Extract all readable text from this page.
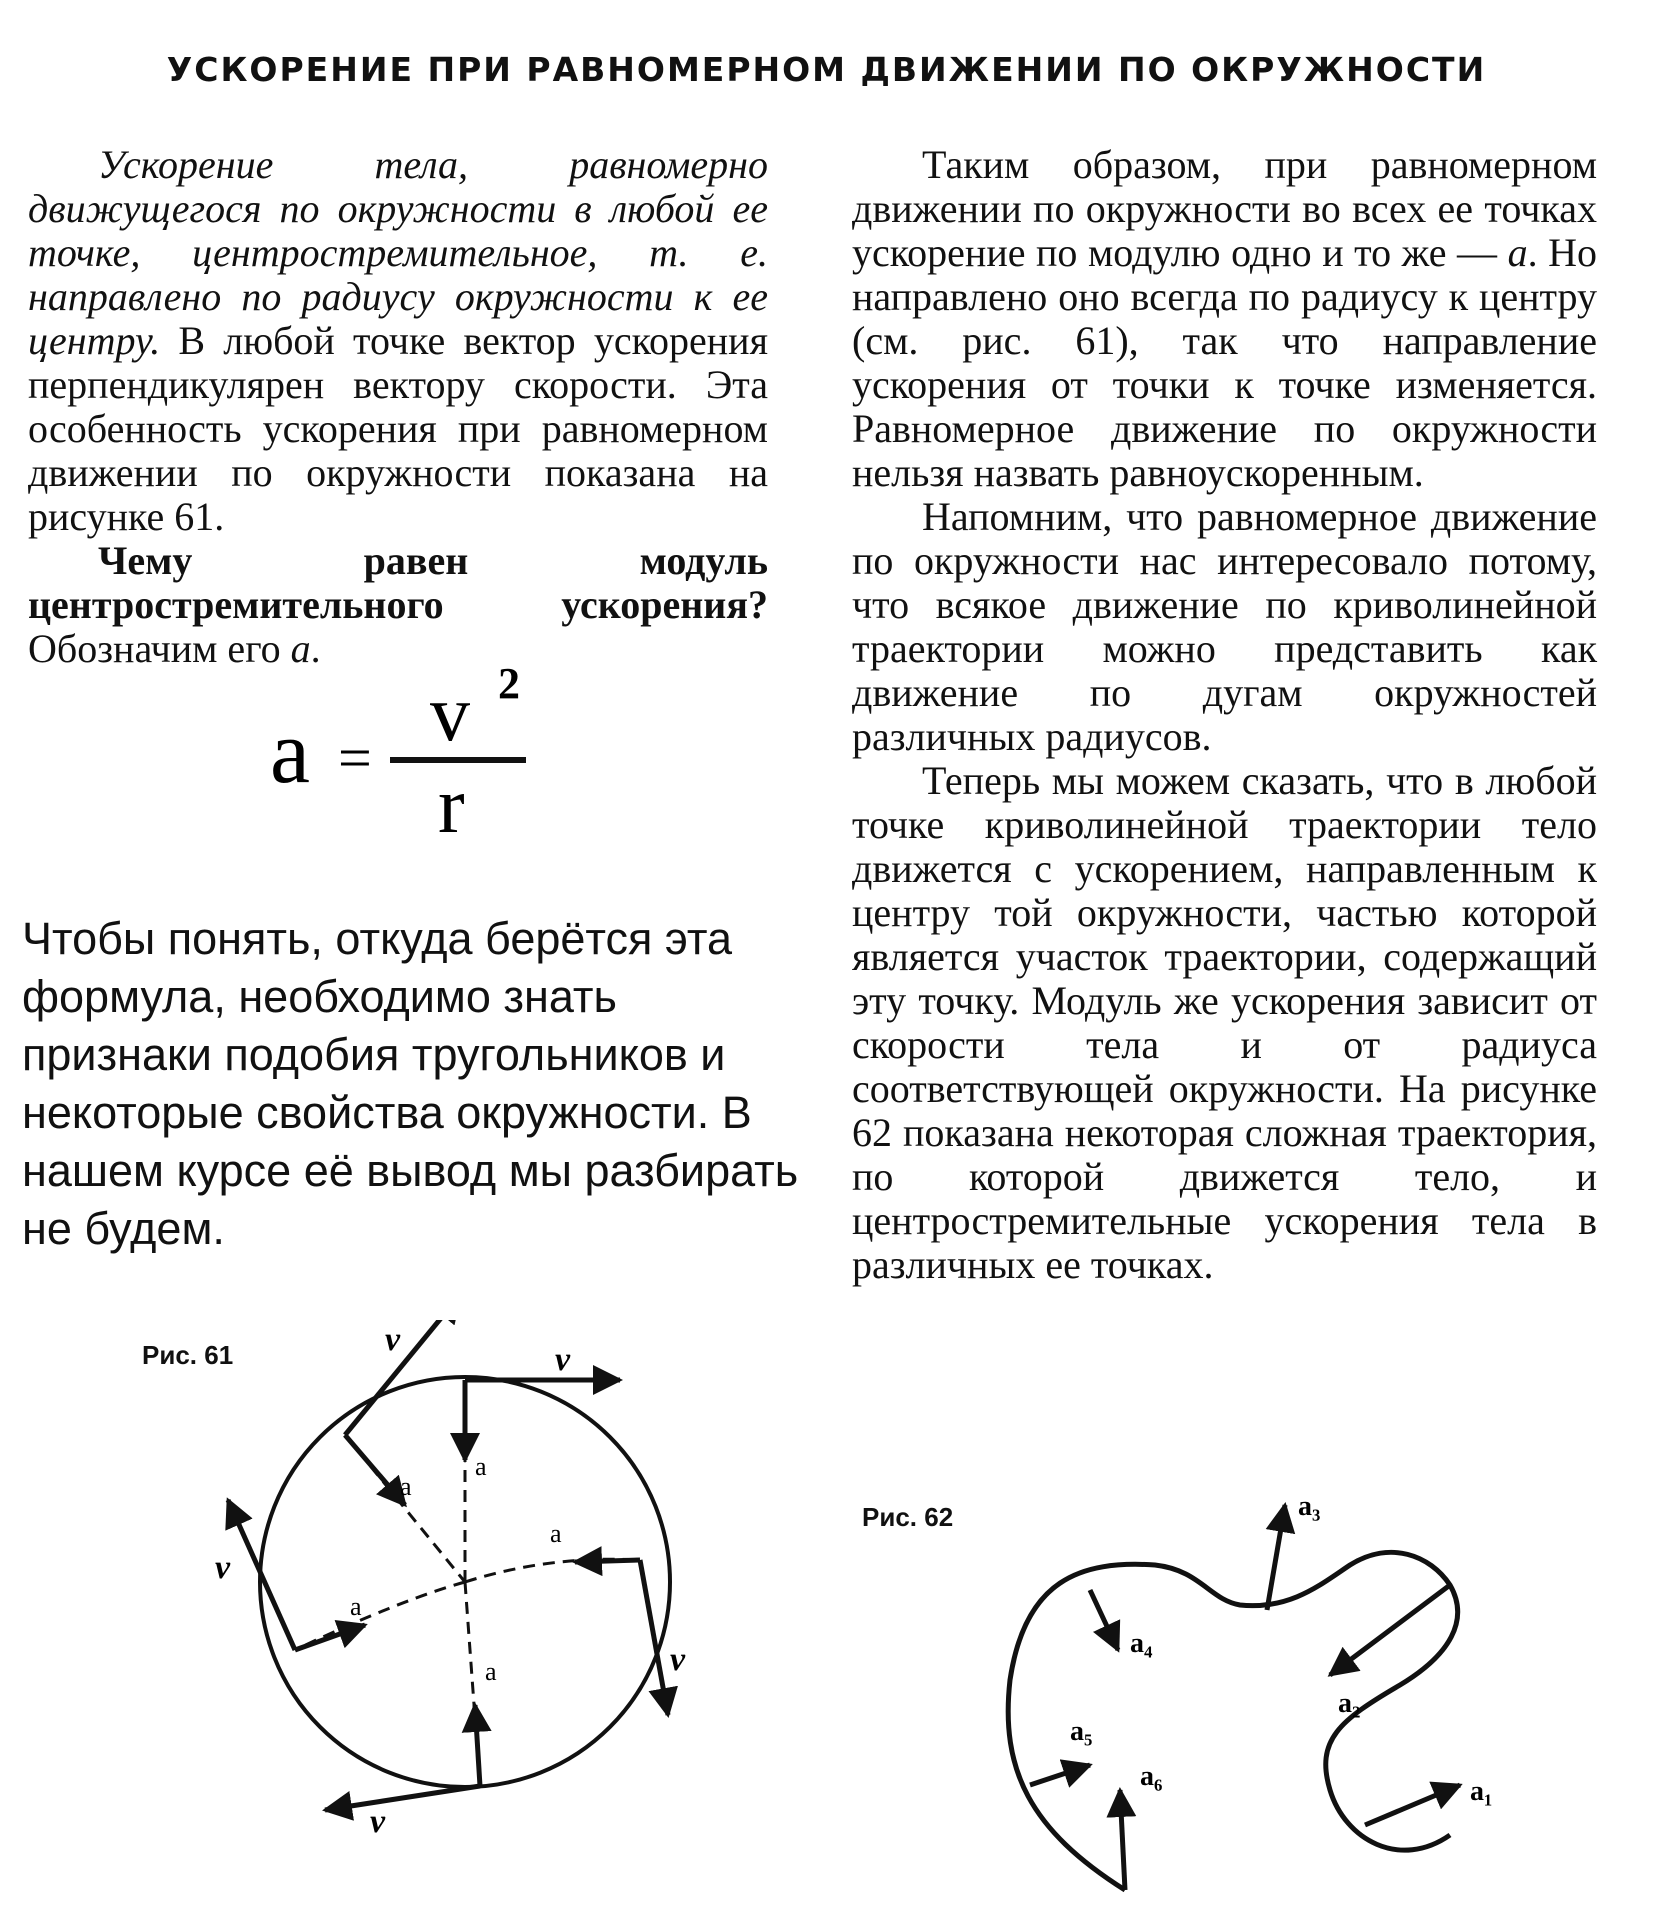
УСКОРЕНИЕ ПРИ РАВНОМЕРНОМ ДВИЖЕНИИ ПО ОКРУЖНОСТИ

Ускорение тела, равномерно движущегося по окружности в любой ее точке, центростремительное, т. е. направлено по радиусу окружности к ее центру. В любой точке вектор ускорения перпендикулярен вектору скорости. Эта особенность ускорения при равномерном движении по окружности показана на рисунке 61.

Чему равен модуль центростремительного ускорения? Обозначим его a.

a = v 2
r
Чтобы понять, откуда берётся эта формула, необходимо знать признаки подобия тругольников и некоторые свойства окружности. В нашем курсе её вывод мы разбирать не будем.

Таким образом, при равномерном движении по окружности во всех ее точках ускорение по модулю одно и то же — a. Но направлено оно всегда по радиусу к центру (см. рис. 61), так что направление ускорения от точки к точке изменяется. Равномерное движение по окружности нельзя назвать равноускоренным.

Напомним, что равномерное движение по окружности нас интересовало потому, что всякое движение по криволинейной траектории можно представить как движение по дугам окружностей различных радиусов.

Теперь мы можем сказать, что в любой точке криволинейной траектории тело движется с ускорением, направленным к центру той окружности, частью которой является участок траектории, содержащий эту точку. Модуль же ускорения зависит от скорости тела и от радиуса соответствующей окружности. На рисунке 62 показана некоторая сложная траектория, по которой движется тело, и центростремительные ускорения тела в различных ее точках.

Рис. 61	v
v
v
v
v
a
a
a
a
a
Рис. 62
a₁
a₂
a₃
a₄
a₅
a₆
